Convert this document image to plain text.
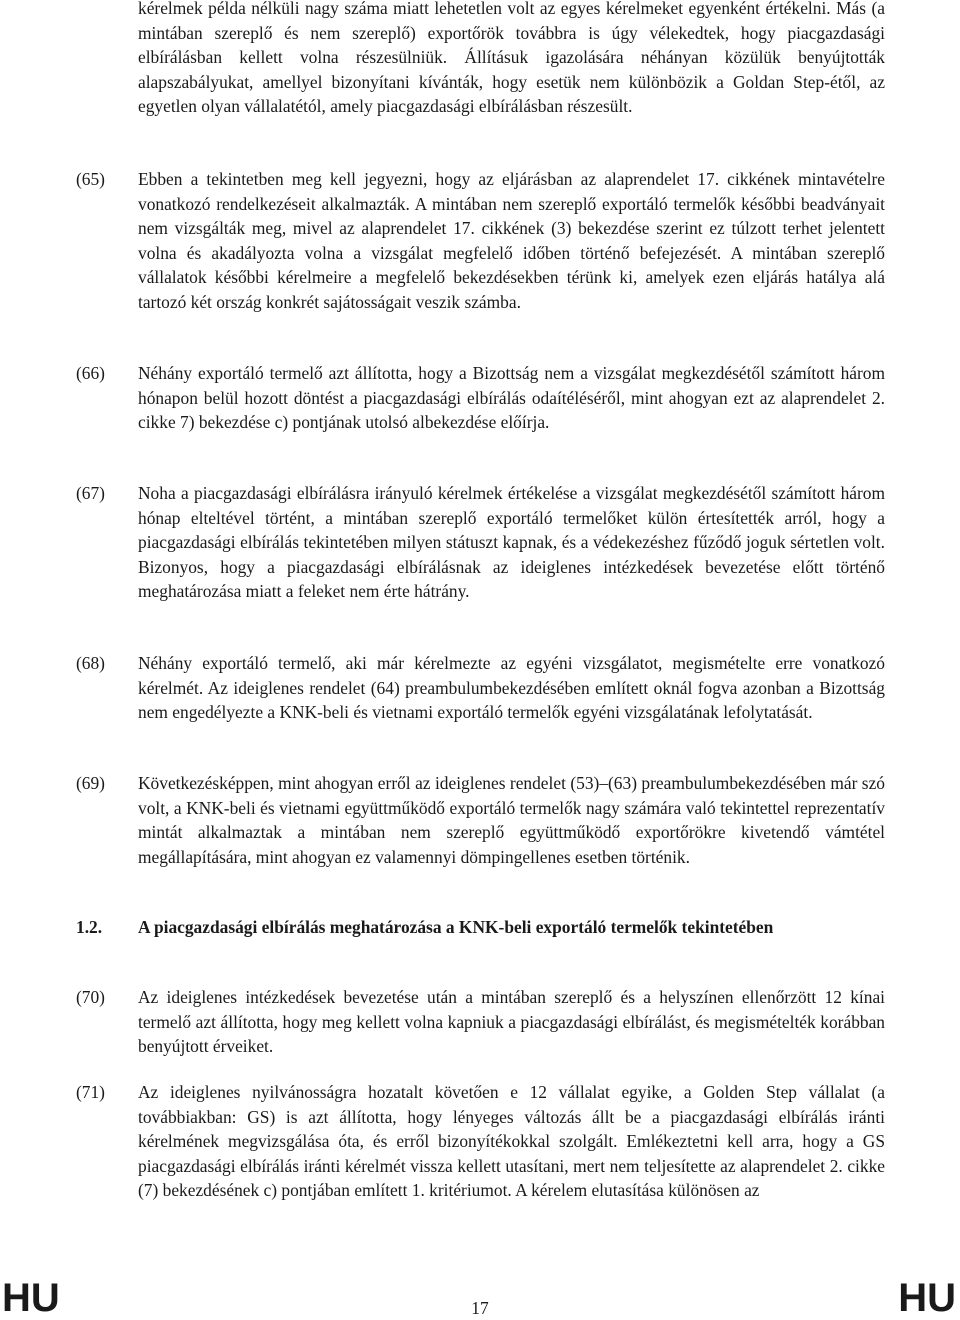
kérelmek példa nélküli nagy száma miatt lehetetlen volt az egyes kérelmeket egyenként értékelni. Más (a mintában szereplő és nem szereplő) exportőrök továbbra is úgy vélekedtek, hogy piacgazdasági elbírálásban kellett volna részesülniük. Állításuk igazolására néhányan közülük benyújtották alapszabályukat, amellyel bizonyítani kívánták, hogy esetük nem különbözik a Goldan Step-étől, az egyetlen olyan vállalatétól, amely piacgazdasági elbírálásban részesült.

(65) Ebben a tekintetben meg kell jegyezni, hogy az eljárásban az alaprendelet 17. cikkének mintavételre vonatkozó rendelkezéseit alkalmazták. A mintában nem szereplő exportáló termelők későbbi beadványait nem vizsgálták meg, mivel az alaprendelet 17. cikkének (3) bekezdése szerint ez túlzott terhet jelentett volna és akadályozta volna a vizsgálat megfelelő időben történő befejezését. A mintában szereplő vállalatok későbbi kérelmeire a megfelelő bekezdésekben térünk ki, amelyek ezen eljárás hatálya alá tartozó két ország konkrét sajátosságait veszik számba.

(66) Néhány exportáló termelő azt állította, hogy a Bizottság nem a vizsgálat megkezdésétől számított három hónapon belül hozott döntést a piacgazdasági elbírálás odaítéléséről, mint ahogyan ezt az alaprendelet 2. cikke 7) bekezdése c) pontjának utolsó albekezdése előírja.

(67) Noha a piacgazdasági elbírálásra irányuló kérelmek értékelése a vizsgálat megkezdésétől számított három hónap elteltével történt, a mintában szereplő exportáló termelőket külön értesítették arról, hogy a piacgazdasági elbírálás tekintetében milyen státuszt kapnak, és a védekezéshez fűződő joguk sértetlen volt. Bizonyos, hogy a piacgazdasági elbírálásnak az ideiglenes intézkedések bevezetése előtt történő meghatározása miatt a feleket nem érte hátrány.

(68) Néhány exportáló termelő, aki már kérelmezte az egyéni vizsgálatot, megismételte erre vonatkozó kérelmét. Az ideiglenes rendelet (64) preambulumbekezdésében említett oknál fogva azonban a Bizottság nem engedélyezte a KNK-beli és vietnami exportáló termelők egyéni vizsgálatának lefolytatását.

(69) Következésképpen, mint ahogyan erről az ideiglenes rendelet (53)–(63) preambulumbekezdésében már szó volt, a KNK-beli és vietnami együttműködő exportáló termelők nagy számára való tekintettel reprezentatív mintát alkalmaztak a mintában nem szereplő együttműködő exportőrökre kivetendő vámtétel megállapítására, mint ahogyan ez valamennyi dömpingellenes esetben történik.

1.2. A piacgazdasági elbírálás meghatározása a KNK-beli exportáló termelők tekintetében

(70) Az ideiglenes intézkedések bevezetése után a mintában szereplő és a helyszínen ellenőrzött 12 kínai termelő azt állította, hogy meg kellett volna kapniuk a piacgazdasági elbírálást, és megismételték korábban benyújtott érveiket.

(71) Az ideiglenes nyilvánosságra hozatalt követően e 12 vállalat egyike, a Golden Step vállalat (a továbbiakban: GS) is azt állította, hogy lényeges változás állt be a piacgazdasági elbírálás iránti kérelmének megvizsgálása óta, és erről bizonyítékokkal szolgált. Emlékeztetni kell arra, hogy a GS piacgazdasági elbírálás iránti kérelmét vissza kellett utasítani, mert nem teljesítette az alaprendelet 2. cikke (7) bekezdésének c) pontjában említett 1. kritériumot. A kérelem elutasítása különösen az

HU	17	HU
